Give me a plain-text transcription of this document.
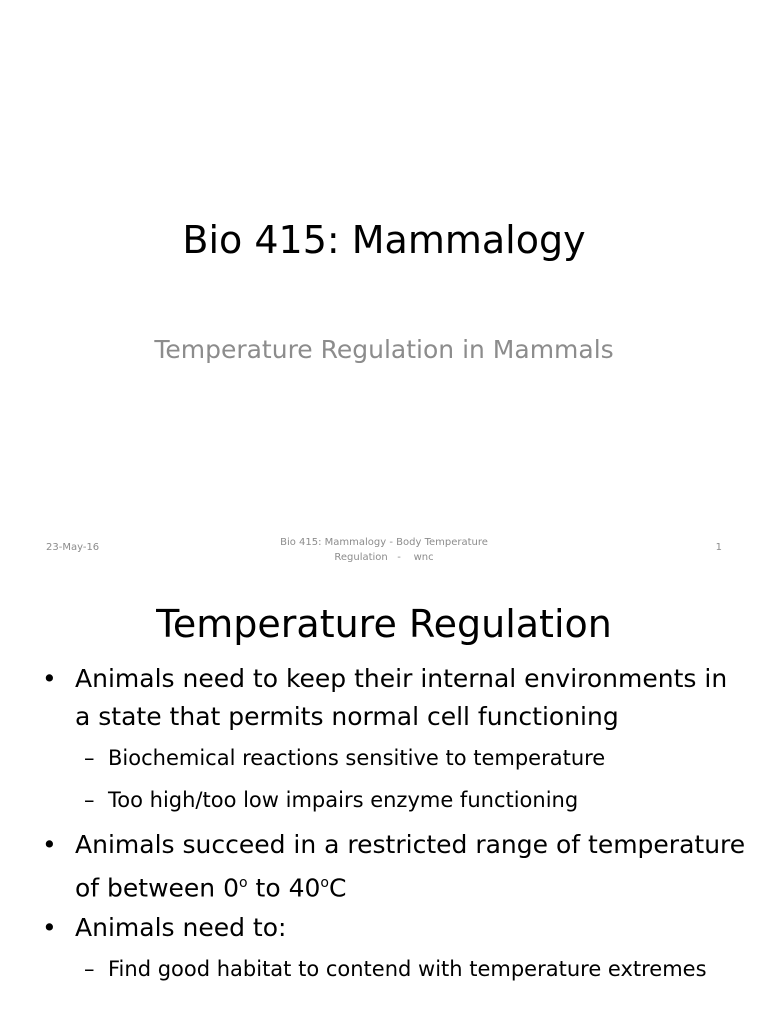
Bio 415: Mammalogy
Temperature Regulation in Mammals
23-May-16	Bio 415: Mammalogy - Body Temperature
Regulation   -    wnc
1
Temperature Regulation
• Animals need to keep their internal environments in a state that permits normal cell functioning
– Biochemical reactions sensitive to temperature
– Too high/too low impairs enzyme functioning
• Animals succeed in a restricted range of temperature of between 0$^o$ to 40$^o$C
• Animals need to:
– Find good habitat to contend with temperature extremes
